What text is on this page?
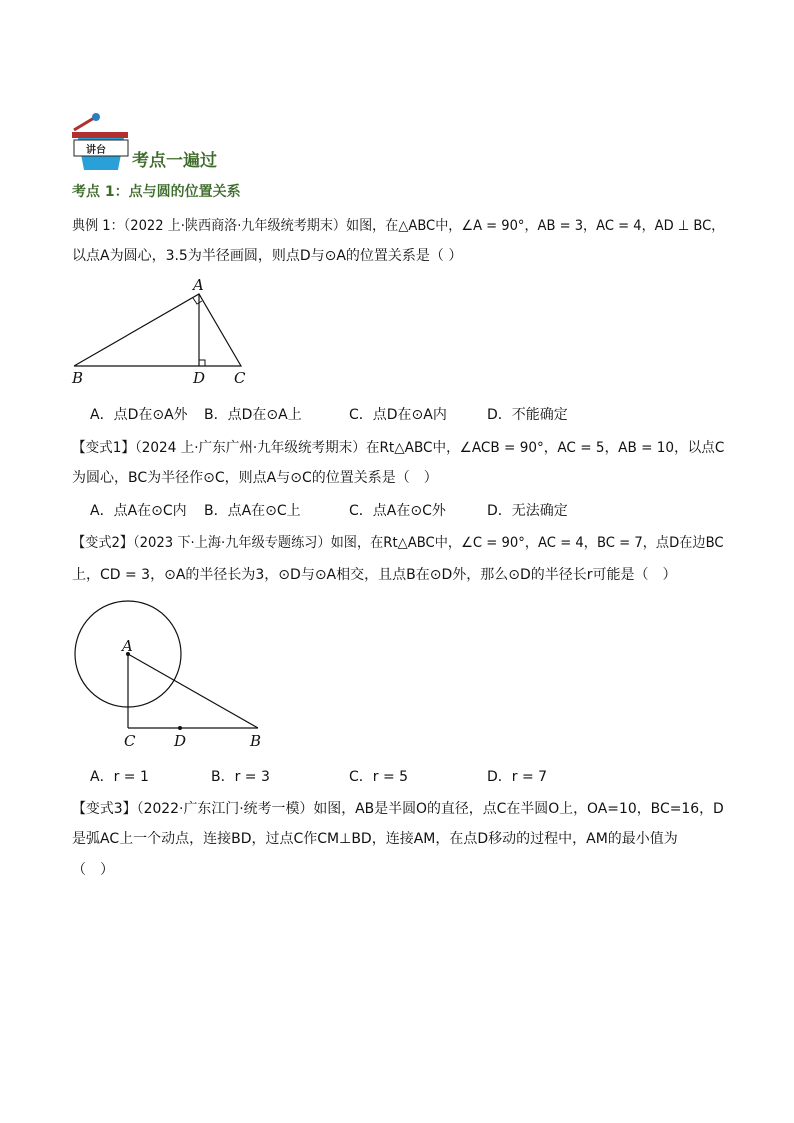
讲台
考点一遍过
考点 1：点与圆的位置关系
典例 1：（2022 上·陕西商洛·九年级统考期末）如图，在△ABC中，∠A = 90°，AB = 3，AC = 4，AD ⊥ BC，
以点A为圆心，3.5为半径画圆，则点D与⊙A的位置关系是（ ）
A
B	D C
A．点D在⊙A外 B．点D在⊙A上	C．点D在⊙A内	D．不能确定
【变式1】（2024 上·广东广州·九年级统考期末）在Rt△ABC中，∠ACB = 90°，AC = 5，AB = 10，以点C
为圆心，BC为半径作⊙C，则点A与⊙C的位置关系是（　）
A．点A在⊙C内 B．点A在⊙C上	C．点A在⊙C外	D．无法确定
【变式2】（2023 下·上海·九年级专题练习）如图，在Rt△ABC中，∠C = 90°，AC = 4，BC = 7，点D在边BC
上，CD = 3，⊙A的半径长为3，⊙D与⊙A相交，且点B在⊙D外，那么⊙D的半径长r可能是（　）
A
C	D	B
A．r = 1	B．r = 3	C．r = 5	D．r = 7
【变式3】（2022·广东江门·统考一模）如图，AB是半圆O的直径，点C在半圆O上，OA=10，BC=16，D
是弧AC上一个动点，连接BD，过点C作CM⊥BD，连接AM，在点D移动的过程中，AM的最小值为
（　）
